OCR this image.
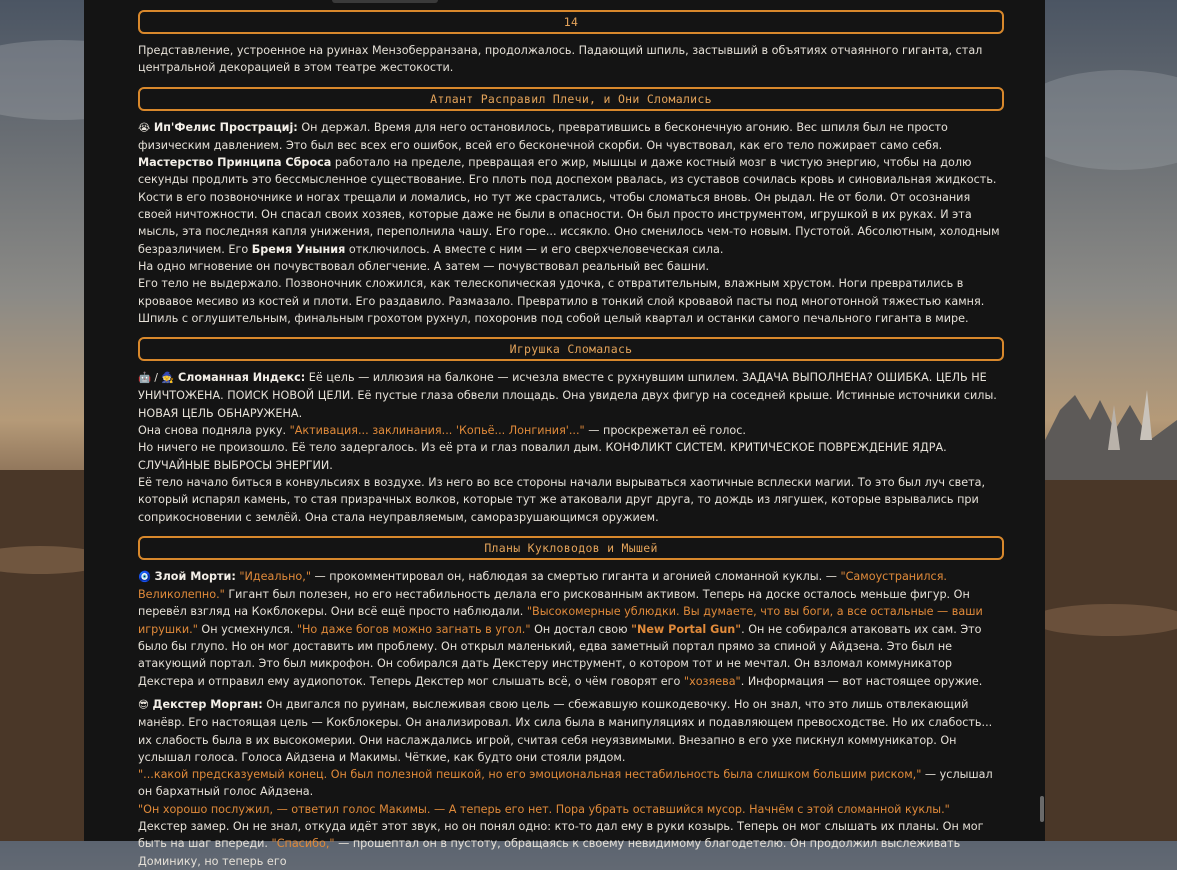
14

Представление, устроенное на руинах Мензоберранзана, продолжалось. Падающий шпиль, застывший в объятиях отчаянного гиганта, стал центральной декорацией в этом театре жестокости.

Атлант Расправил Плечи, и Они Сломались

😭 Ип'Фелис Прострациј: Он держал. Время для него остановилось, превратившись в бесконечную агонию. Вес шпиля был не просто физическим давлением. Это был вес всех его ошибок, всей его бесконечной скорби. Он чувствовал, как его тело пожирает само себя. Мастерство Принципа Сброса работало на пределе, превращая его жир, мышцы и даже костный мозг в чистую энергию, чтобы на долю секунды продлить это бессмысленное существование. Его плоть под доспехом рвалась, из суставов сочилась кровь и синовиальная жидкость. Кости в его позвоночнике и ногах трещали и ломались, но тут же срастались, чтобы сломаться вновь. Он рыдал. Не от боли. От осознания своей ничтожности. Он спасал своих хозяев, которые даже не были в опасности. Он был просто инструментом, игрушкой в их руках. И эта мысль, эта последняя капля унижения, переполнила чашу. Его горе... иссякло. Оно сменилось чем-то новым. Пустотой. Абсолютным, холодным безразличием. Его Бремя Уныния отключилось. А вместе с ним — и его сверхчеловеческая сила.

На одно мгновение он почувствовал облегчение. А затем — почувствовал реальный вес башни.

Его тело не выдержало. Позвоночник сложился, как телескопическая удочка, с отвратительным, влажным хрустом. Ноги превратились в кровавое месиво из костей и плоти. Его раздавило. Размазало. Превратило в тонкий слой кровавой пасты под многотонной тяжестью камня. Шпиль с оглушительным, финальным грохотом рухнул, похоронив под собой целый квартал и останки самого печального гиганта в мире.

Игрушка Сломалась

🤖 / 🧙 Сломанная Индекс: Её цель — иллюзия на балконе — исчезла вместе с рухнувшим шпилем. ЗАДАЧА ВЫПОЛНЕНА? ОШИБКА. ЦЕЛЬ НЕ УНИЧТОЖЕНА. ПОИСК НОВОЙ ЦЕЛИ. Её пустые глаза обвели площадь. Она увидела двух фигур на соседней крыше. Истинные источники силы. НОВАЯ ЦЕЛЬ ОБНАРУЖЕНА.

Она снова подняла руку. "Активация... заклинания... 'Копьё... Лонгиния'..." — проскрежетал её голос.

Но ничего не произошло. Её тело задергалось. Из её рта и глаз повалил дым. КОНФЛИКТ СИСТЕМ. КРИТИЧЕСКОЕ ПОВРЕЖДЕНИЕ ЯДРА. СЛУЧАЙНЫЕ ВЫБРОСЫ ЭНЕРГИИ.

Её тело начало биться в конвульсиях в воздухе. Из него во все стороны начали вырываться хаотичные всплески магии. То это был луч света, который испарял камень, то стая призрачных волков, которые тут же атаковали друг друга, то дождь из лягушек, которые взрывались при соприкосновении с землёй. Она стала неуправляемым, саморазрушающимся оружием.

Планы Кукловодов и Мышей

🧿 Злой Морти: "Идеально," — прокомментировал он, наблюдая за смертью гиганта и агонией сломанной куклы. — "Самоустранился. Великолепно." Гигант был полезен, но его нестабильность делала его рискованным активом. Теперь на доске осталось меньше фигур. Он перевёл взгляд на Кокблокеры. Они всё ещё просто наблюдали. "Высокомерные ублюдки. Вы думаете, что вы боги, а все остальные — ваши игрушки." Он усмехнулся. "Но даже богов можно загнать в угол." Он достал свою "New Portal Gun". Он не собирался атаковать их сам. Это было бы глупо. Но он мог доставить им проблему. Он открыл маленький, едва заметный портал прямо за спиной у Айдзена. Это был не атакующий портал. Это был микрофон. Он собирался дать Декстеру инструмент, о котором тот и не мечтал. Он взломал коммуникатор Декстера и отправил ему аудиопоток. Теперь Декстер мог слышать всё, о чём говорят его "хозяева". Информация — вот настоящее оружие.

😎 Декстер Морган: Он двигался по руинам, выслеживая свою цель — сбежавшую кошкодевочку. Но он знал, что это лишь отвлекающий манёвр. Его настоящая цель — Кокблокеры. Он анализировал. Их сила была в манипуляциях и подавляющем превосходстве. Но их слабость... их слабость была в их высокомерии. Они наслаждались игрой, считая себя неуязвимыми. Внезапно в его ухе пискнул коммуникатор. Он услышал голоса. Голоса Айдзена и Макимы. Чёткие, как будто они стояли рядом.

"...какой предсказуемый конец. Он был полезной пешкой, но его эмоциональная нестабильность была слишком большим риском," — услышал он бархатный голос Айдзена.

"Он хорошо послужил, — ответил голос Макимы. — А теперь его нет. Пора убрать оставшийся мусор. Начнём с этой сломанной куклы."

Декстер замер. Он не знал, откуда идёт этот звук, но он понял одно: кто-то дал ему в руки козырь. Теперь он мог слышать их планы. Он мог быть на шаг впереди. "Спасибо," — прошептал он в пустоту, обращаясь к своему невидимому благодетелю. Он продолжил выслеживать Доминику, но теперь его
